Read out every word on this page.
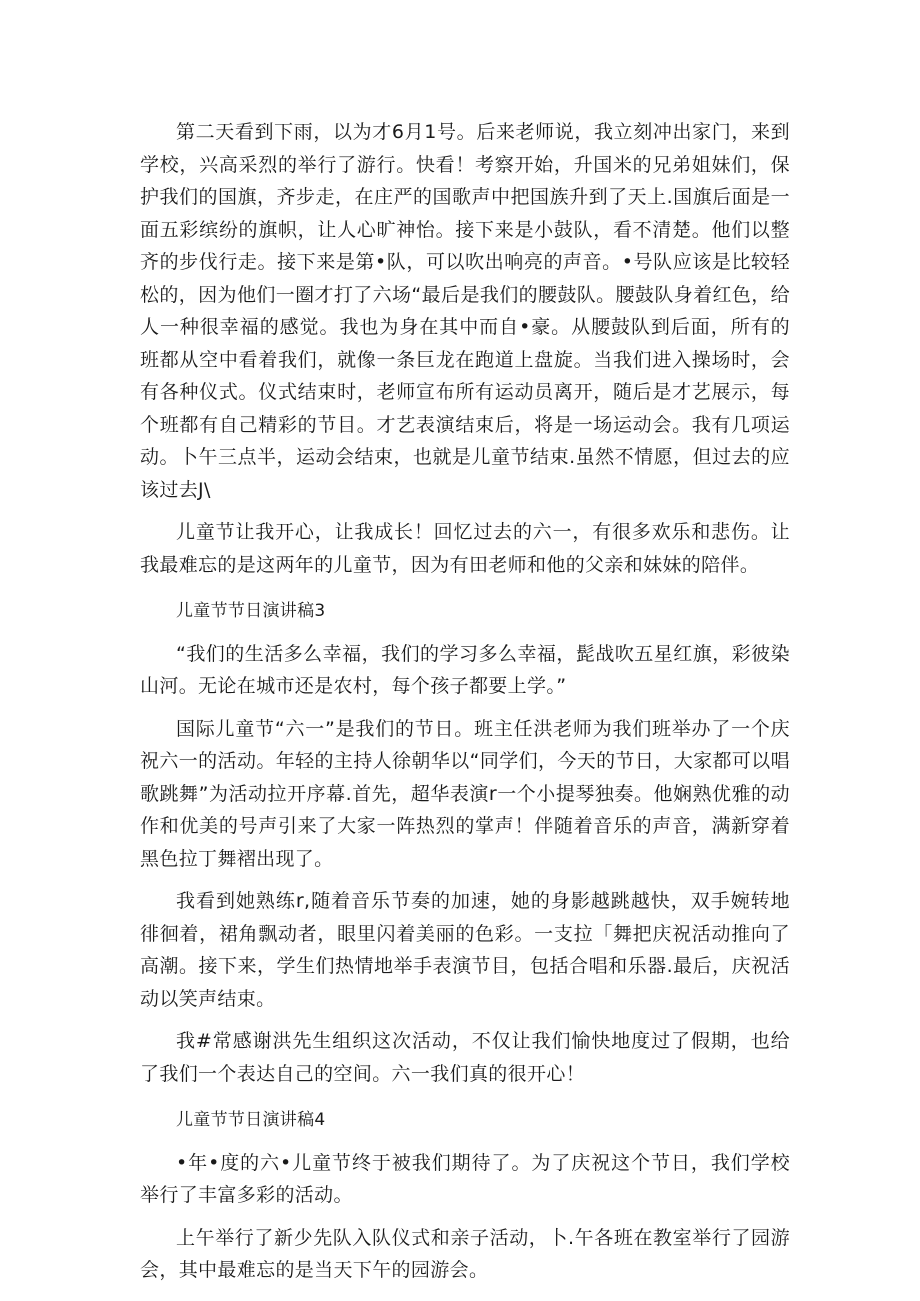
第二天看到下雨，以为才6月1号。后来老师说，我立刻冲出家门，来到学校，兴高采烈的举行了游行。快看！考察开始，升国米的兄弟姐妹们，保护我们的国旗，齐步走，在庄严的国歌声中把国族升到了天上.国旗后面是一面五彩缤纷的旗帜，让人心旷神怡。接下来是小鼓队，看不清楚。他们以整齐的步伐行走。接下来是第•队，可以吹出响亮的声音。•号队应该是比较轻松的，因为他们一圈才打了六场“最后是我们的腰鼓队。腰鼓队身着红色，给人一种很幸福的感觉。我也为身在其中而自•豪。从腰鼓队到后面，所有的班都从空中看着我们，就像一条巨龙在跑道上盘旋。当我们进入操场时，会有各种仪式。仪式结束时，老师宣布所有运动员离开，随后是才艺展示，每个班都有自己精彩的节目。才艺表演结束后，将是一场运动会。我有几项运动。卜午三点半，运动会结束，也就是儿童节结束.虽然不情愿，但过去的应该过去J\

儿童节让我开心，让我成长！回忆过去的六一，有很多欢乐和悲伤。让我最难忘的是这两年的儿童节，因为有田老师和他的父亲和妹妹的陪伴。

儿童节节日演讲稿3

“我们的生活多么幸福，我们的学习多么幸福，髭战吹五星红旗，彩彼染山河。无论在城市还是农村，每个孩子都要上学。”

国际儿童节“六一”是我们的节日。班主任洪老师为我们班举办了一个庆祝六一的活动。年轻的主持人徐朝华以“同学们，今天的节日，大家都可以唱歌跳舞”为活动拉开序幕.首先，超华表演r一个小提琴独奏。他娴熟优雅的动作和优美的号声引来了大家一阵热烈的掌声！伴随着音乐的声音，满新穿着黑色拉丁舞褶出现了。

我看到她熟练r,随着音乐节奏的加速，她的身影越跳越快，双手婉转地徘徊着，裙角飘动者，眼里闪着美丽的色彩。一支拉「舞把庆祝活动推向了高潮。接下来，学生们热情地举手表演节目，包括合唱和乐器.最后，庆祝活动以笑声结束。

我#常感谢洪先生组织这次活动，不仅让我们愉快地度过了假期，也给了我们一个表达自己的空间。六一我们真的很开心！

儿童节节日演讲稿4

•年•度的六•儿童节终于被我们期待了。为了庆祝这个节日，我们学校举行了丰富多彩的活动。

上午举行了新少先队入队仪式和亲子活动，卜.午各班在教室举行了园游会，其中最难忘的是当天下午的园游会。
